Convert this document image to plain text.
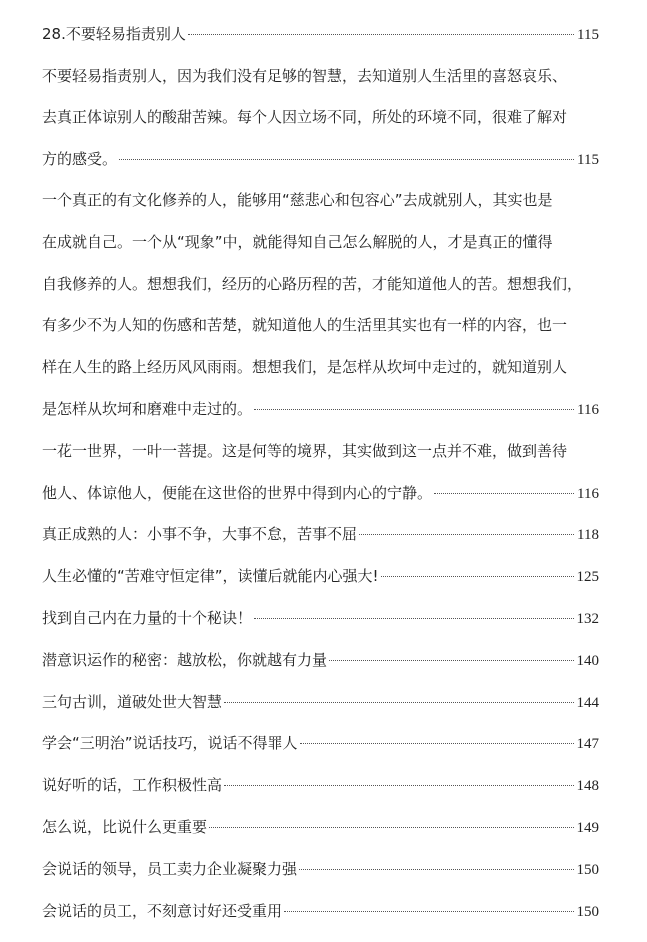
28.不要轻易指责别人	115
不要轻易指责别人，因为我们没有足够的智慧，去知道别人生活里的喜怒哀乐、
去真正体谅别人的酸甜苦辣。每个人因立场不同，所处的环境不同，很难了解对
方的感受。	115
一个真正的有文化修养的人，能够用“慈悲心和包容心”去成就别人，其实也是
在成就自己。一个从“现象”中，就能得知自己怎么解脱的人，才是真正的懂得
自我修养的人。想想我们，经历的心路历程的苦，才能知道他人的苦。想想我们，
有多少不为人知的伤感和苦楚，就知道他人的生活里其实也有一样的内容，也一
样在人生的路上经历风风雨雨。想想我们，是怎样从坎坷中走过的，就知道别人
是怎样从坎坷和磨难中走过的。	116
一花一世界，一叶一菩提。这是何等的境界，其实做到这一点并不难，做到善待
他人、体谅他人，便能在这世俗的世界中得到内心的宁静。	116
真正成熟的人：小事不争，大事不怠，苦事不屈	118
人生必懂的“苦难守恒定律”，读懂后就能内心强大!	125
找到自己内在力量的十个秘诀！	132
潜意识运作的秘密：越放松，你就越有力量	140
三句古训，道破处世大智慧	144
学会“三明治”说话技巧，说话不得罪人	147
说好听的话，工作积极性高	148
怎么说，比说什么更重要	149
会说话的领导，员工卖力企业凝聚力强	150
会说话的员工，不刻意讨好还受重用	150
